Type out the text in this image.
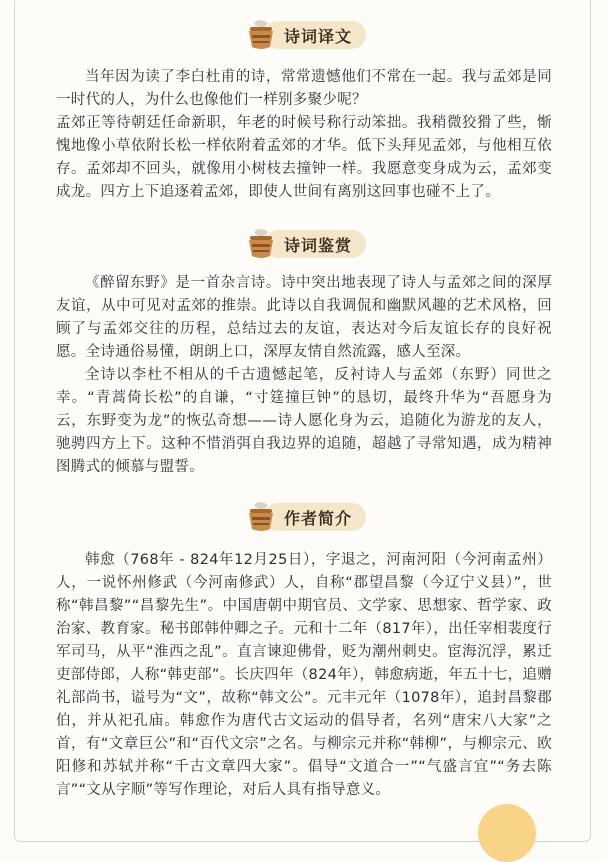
诗词译文

当年因为读了李白杜甫的诗，常常遗憾他们不常在一起。我与孟郊是同一时代的人，为什么也像他们一样别多聚少呢？

孟郊正等待朝廷任命新职，年老的时候号称行动笨拙。我稍微狡猾了些，惭愧地像小草依附长松一样依附着孟郊的才华。低下头拜见孟郊，与他相互依存。孟郊却不回头，就像用小树枝去撞钟一样。我愿意变身成为云，孟郊变成龙。四方上下追逐着孟郊，即使人世间有离别这回事也碰不上了。

诗词鉴赏

《醉留东野》是一首杂言诗。诗中突出地表现了诗人与孟郊之间的深厚友谊，从中可见对孟郊的推崇。此诗以自我调侃和幽默风趣的艺术风格，回顾了与孟郊交往的历程，总结过去的友谊，表达对今后友谊长存的良好祝愿。全诗通俗易懂，朗朗上口，深厚友情自然流露，感人至深。

全诗以李杜不相从的千古遗憾起笔，反衬诗人与孟郊（东野）同世之幸。“青蒿倚长松”的自谦，“寸筳撞巨钟”的恳切，最终升华为“吾愿身为云，东野变为龙”的恢弘奇想——诗人愿化身为云，追随化为游龙的友人，驰骋四方上下。这种不惜消弭自我边界的追随，超越了寻常知遇，成为精神图腾式的倾慕与盟誓。

作者简介

韩愈（768年 - 824年12月25日），字退之，河南河阳（今河南孟州）人，一说怀州修武（今河南修武）人，自称“郡望昌黎（今辽宁义县）”，世称“韩昌黎”“昌黎先生”。中国唐朝中期官员、文学家、思想家、哲学家、政治家、教育家。秘书郎韩仲卿之子。元和十二年（817年），出任宰相裴度行军司马，从平“淮西之乱”。直言谏迎佛骨，贬为潮州刺史。宦海沉浮，累迁吏部侍郎，人称“韩吏部”。长庆四年（824年），韩愈病逝，年五十七，追赠礼部尚书，谥号为“文”，故称“韩文公”。元丰元年（1078年），追封昌黎郡伯，并从祀孔庙。韩愈作为唐代古文运动的倡导者，名列“唐宋八大家”之首，有“文章巨公”和“百代文宗”之名。与柳宗元并称“韩柳”，与柳宗元、欧阳修和苏轼并称“千古文章四大家”。倡导“文道合一”“气盛言宜”“务去陈言”“文从字顺”等写作理论，对后人具有指导意义。
